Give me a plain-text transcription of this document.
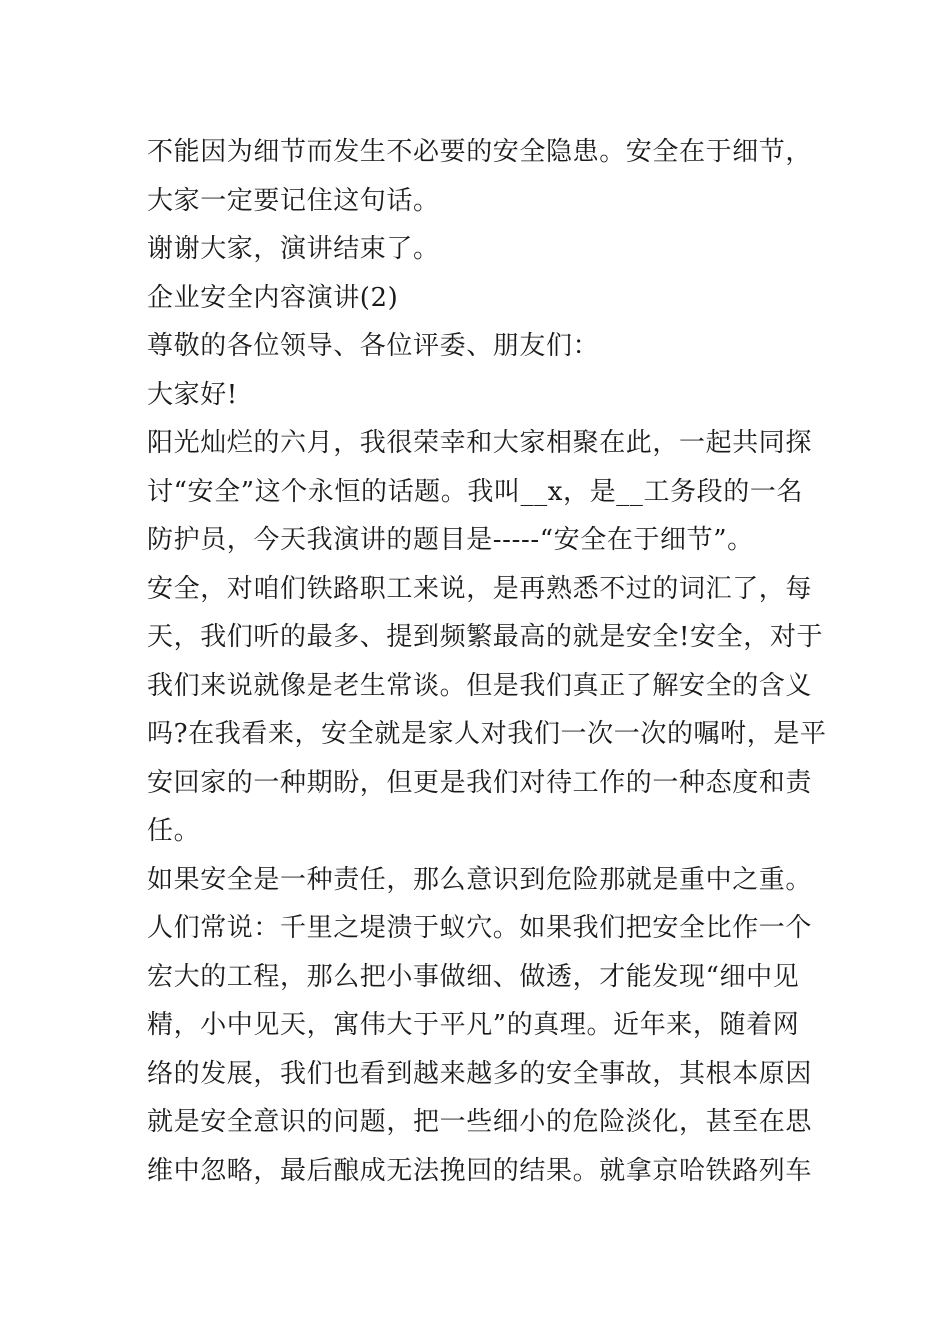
不能因为细节而发生不必要的安全隐患。安全在于细节，
大家一定要记住这句话。
谢谢大家，演讲结束了。
企业安全内容演讲(2)
尊敬的各位领导、各位评委、朋友们：
大家好!
阳光灿烂的六月，我很荣幸和大家相聚在此，一起共同探
讨“安全”这个永恒的话题。我叫__x，是__工务段的一名
防护员，今天我演讲的题目是-----“安全在于细节”。
安全，对咱们铁路职工来说，是再熟悉不过的词汇了，每
天，我们听的最多、提到频繁最高的就是安全!安全，对于
我们来说就像是老生常谈。但是我们真正了解安全的含义
吗?在我看来，安全就是家人对我们一次一次的嘱咐，是平
安回家的一种期盼，但更是我们对待工作的一种态度和责
任。
如果安全是一种责任，那么意识到危险那就是重中之重。
人们常说：千里之堤溃于蚁穴。如果我们把安全比作一个
宏大的工程，那么把小事做细、做透，才能发现“细中见
精，小中见天，寓伟大于平凡”的真理。近年来，随着网
络的发展，我们也看到越来越多的安全事故，其根本原因
就是安全意识的问题，把一些细小的危险淡化，甚至在思
维中忽略，最后酿成无法挽回的结果。就拿京哈铁路列车
